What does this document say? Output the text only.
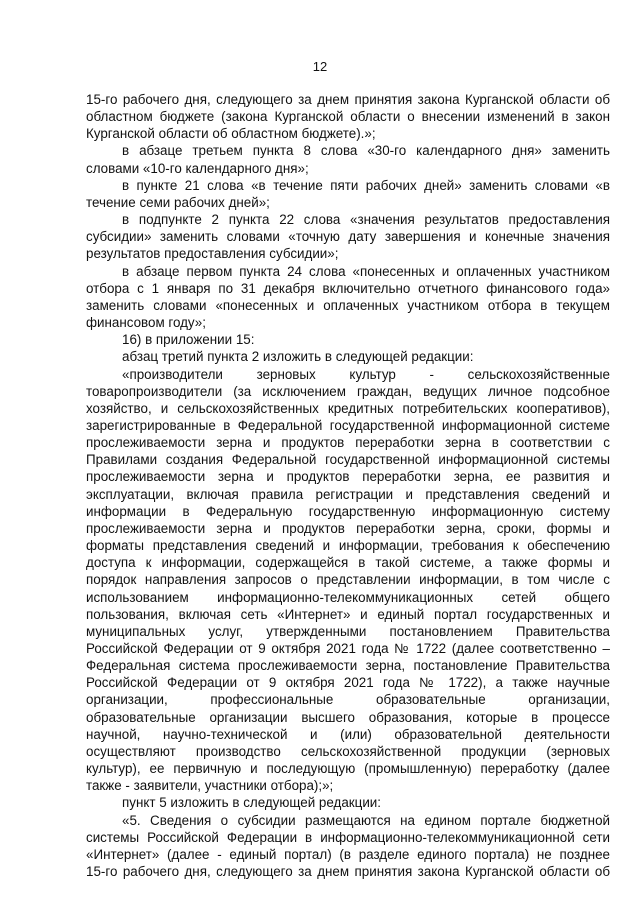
12
15-го рабочего дня, следующего за днем принятия закона Курганской области об
областном бюджете (закона Курганской области о внесении изменений в закон
Курганской области об областном бюджете).»;
в абзаце третьем пункта 8 слова «30-го календарного дня» заменить
словами «10-го календарного дня»;
в пункте 21 слова «в течение пяти рабочих дней» заменить словами «в
течение семи рабочих дней»;
в подпункте 2 пункта 22 слова «значения результатов предоставления
субсидии» заменить словами «точную дату завершения и конечные значения
результатов предоставления субсидии»;
в абзаце первом пункта 24 слова «понесенных и оплаченных участником
отбора с 1 января по 31 декабря включительно отчетного финансового года»
заменить словами «понесенных и оплаченных участником отбора в текущем
финансовом году»;
16) в приложении 15:
абзац третий пункта 2 изложить в следующей редакции:
«производители зерновых культур - сельскохозяйственные
товаропроизводители (за исключением граждан, ведущих личное подсобное
хозяйство, и сельскохозяйственных кредитных потребительских кооперативов),
зарегистрированные в Федеральной государственной информационной системе
прослеживаемости зерна и продуктов переработки зерна в соответствии с
Правилами создания Федеральной государственной информационной системы
прослеживаемости зерна и продуктов переработки зерна, ее развития и
эксплуатации, включая правила регистрации и представления сведений и
информации в Федеральную государственную информационную систему
прослеживаемости зерна и продуктов переработки зерна, сроки, формы и
форматы представления сведений и информации, требования к обеспечению
доступа к информации, содержащейся в такой системе, а также формы и
порядок направления запросов о представлении информации, в том числе с
использованием информационно-телекоммуникационных сетей общего
пользования, включая сеть «Интернет» и единый портал государственных и
муниципальных услуг, утвержденными постановлением Правительства
Российской Федерации от 9 октября 2021 года № 1722 (далее соответственно –
Федеральная система прослеживаемости зерна, постановление Правительства
Российской Федерации от 9 октября 2021 года № 1722), а также научные
организации, профессиональные образовательные организации,
образовательные организации высшего образования, которые в процессе
научной, научно-технической и (или) образовательной деятельности
осуществляют производство сельскохозяйственной продукции (зерновых
культур), ее первичную и последующую (промышленную) переработку (далее
также - заявители, участники отбора);»;
пункт 5 изложить в следующей редакции:
«5. Сведения о субсидии размещаются на едином портале бюджетной
системы Российской Федерации в информационно-телекоммуникационной сети
«Интернет» (далее - единый портал) (в разделе единого портала) не позднее
15-го рабочего дня, следующего за днем принятия закона Курганской области об
